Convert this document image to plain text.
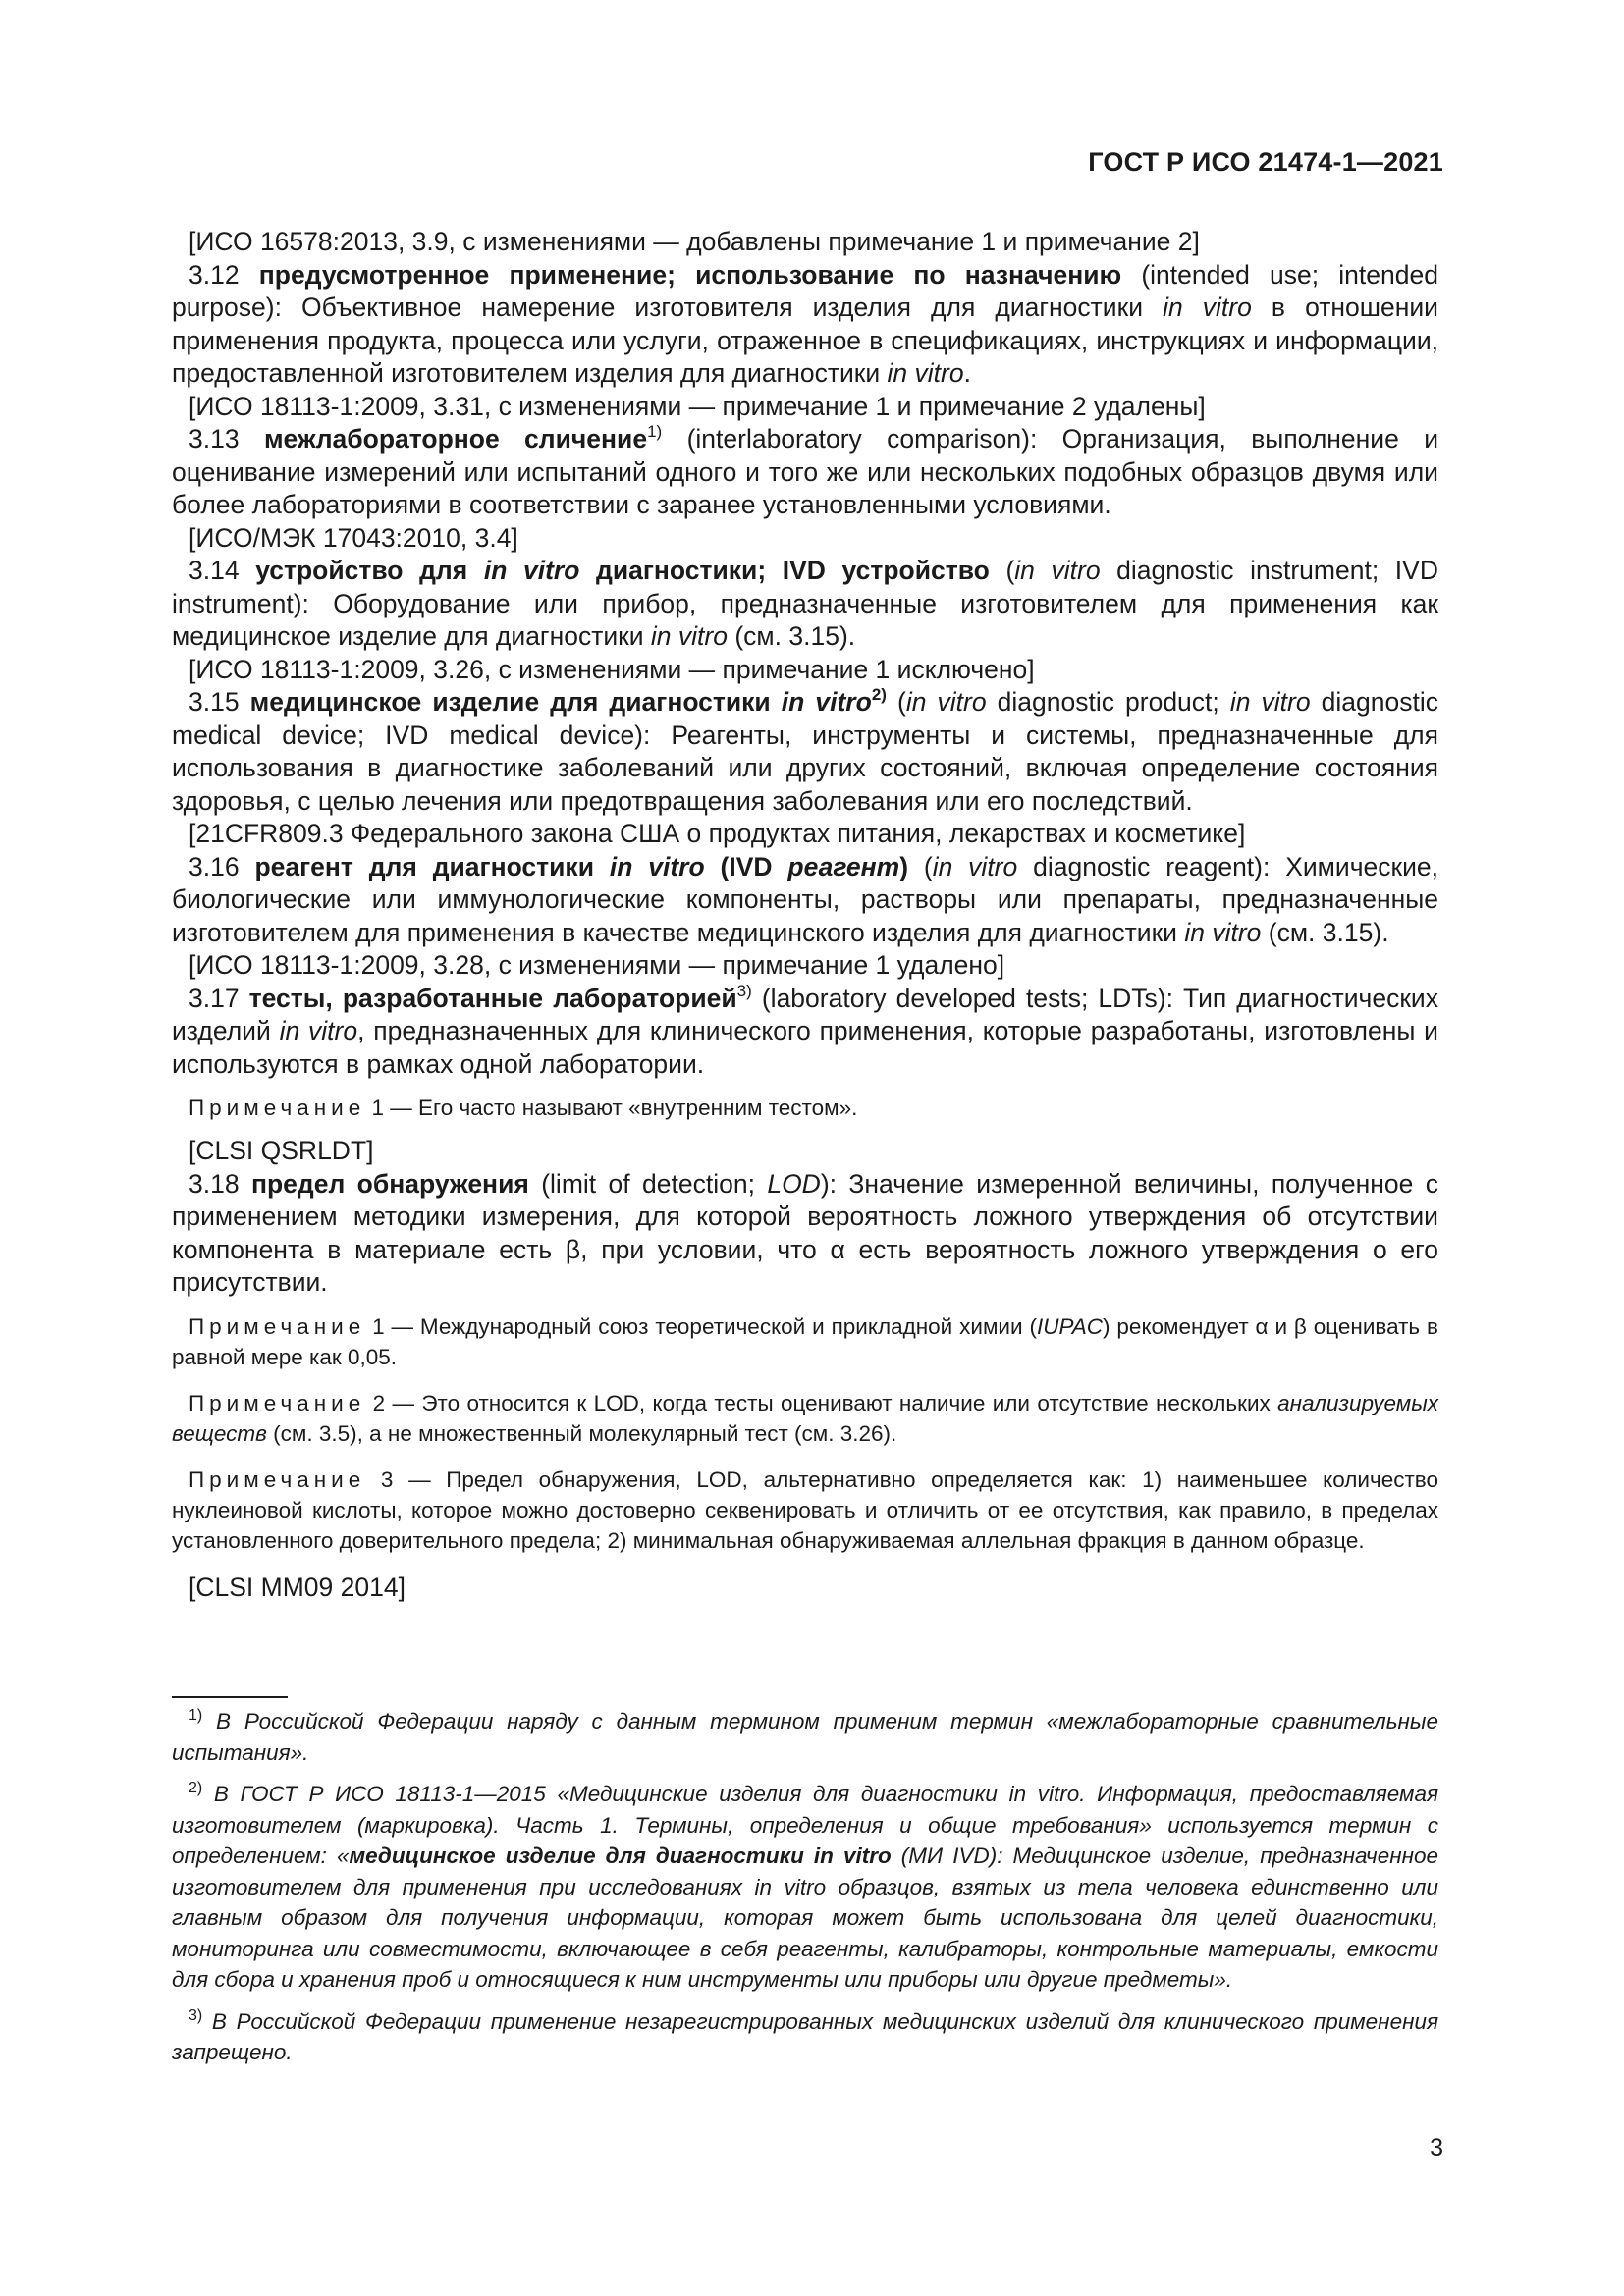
ГОСТ Р ИСО 21474-1—2021

[ИСО 16578:2013, 3.9, с изменениями — добавлены примечание 1 и примечание 2]

3.12 предусмотренное применение; использование по назначению (intended use; intended purpose): Объективное намерение изготовителя изделия для диагностики in vitro в отношении применения продукта, процесса или услуги, отраженное в спецификациях, инструкциях и информации, предоставленной изготовителем изделия для диагностики in vitro.

[ИСО 18113-1:2009, 3.31, с изменениями — примечание 1 и примечание 2 удалены]

3.13 межлабораторное сличение$^{1)}$ (interlaboratory comparison): Организация, выполнение и оценивание измерений или испытаний одного и того же или нескольких подобных образцов двумя или более лабораториями в соответствии с заранее установленными условиями.

[ИСО/МЭК 17043:2010, 3.4]

3.14 устройство для in vitro диагностики; IVD устройство (in vitro diagnostic instrument; IVD instrument): Оборудование или прибор, предназначенные изготовителем для применения как медицинское изделие для диагностики in vitro (см. 3.15).

[ИСО 18113-1:2009, 3.26, с изменениями — примечание 1 исключено]

3.15 медицинское изделие для диагностики in vitro$^{2)}$ (in vitro diagnostic product; in vitro diagnostic medical device; IVD medical device): Реагенты, инструменты и системы, предназначенные для использования в диагностике заболеваний или других состояний, включая определение состояния здоровья, с целью лечения или предотвращения заболевания или его последствий.

[21CFR809.3 Федерального закона США о продуктах питания, лекарствах и косметике]

3.16 реагент для диагностики in vitro (IVD реагент) (in vitro diagnostic reagent): Химические, биологические или иммунологические компоненты, растворы или препараты, предназначенные изготовителем для применения в качестве медицинского изделия для диагностики in vitro (см. 3.15).

[ИСО 18113-1:2009, 3.28, с изменениями — примечание 1 удалено]

3.17 тесты, разработанные лабораторией$^{3)}$ (laboratory developed tests; LDTs): Тип диагностических изделий in vitro, предназначенных для клинического применения, которые разработаны, изготовлены и используются в рамках одной лаборатории.

Примечание 1 — Его часто называют «внутренним тестом».

[CLSI QSRLDT]

3.18 предел обнаружения (limit of detection; LOD): Значение измеренной величины, полученное с применением методики измерения, для которой вероятность ложного утверждения об отсутствии компонента в материале есть β, при условии, что α есть вероятность ложного утверждения о его присутствии.

Примечание 1 — Международный союз теоретической и прикладной химии (IUPAC) рекомендует α и β оценивать в равной мере как 0,05.

Примечание 2 — Это относится к LOD, когда тесты оценивают наличие или отсутствие нескольких анализируемых веществ (см. 3.5), а не множественный молекулярный тест (см. 3.26).

Примечание 3 — Предел обнаружения, LOD, альтернативно определяется как: 1) наименьшее количество нуклеиновой кислоты, которое можно достоверно секвенировать и отличить от ее отсутствия, как правило, в пределах установленного доверительного предела; 2) минимальная обнаруживаемая аллельная фракция в данном образце.

[CLSI MM09 2014]

$^{1)}$ В Российской Федерации наряду с данным термином применим термин «межлабораторные сравнительные испытания».

$^{2)}$ В ГОСТ Р ИСО 18113-1—2015 «Медицинские изделия для диагностики in vitro. Информация, предоставляемая изготовителем (маркировка). Часть 1. Термины, определения и общие требования» используется термин с определением: «медицинское изделие для диагностики in vitro (МИ IVD): Медицинское изделие, предназначенное изготовителем для применения при исследованиях in vitro образцов, взятых из тела человека единственно или главным образом для получения информации, которая может быть использована для целей диагностики, мониторинга или совместимости, включающее в себя реагенты, калибраторы, контрольные материалы, емкости для сбора и хранения проб и относящиеся к ним инструменты или приборы или другие предметы».

$^{3)}$ В Российской Федерации применение незарегистрированных медицинских изделий для клинического применения запрещено.

3
